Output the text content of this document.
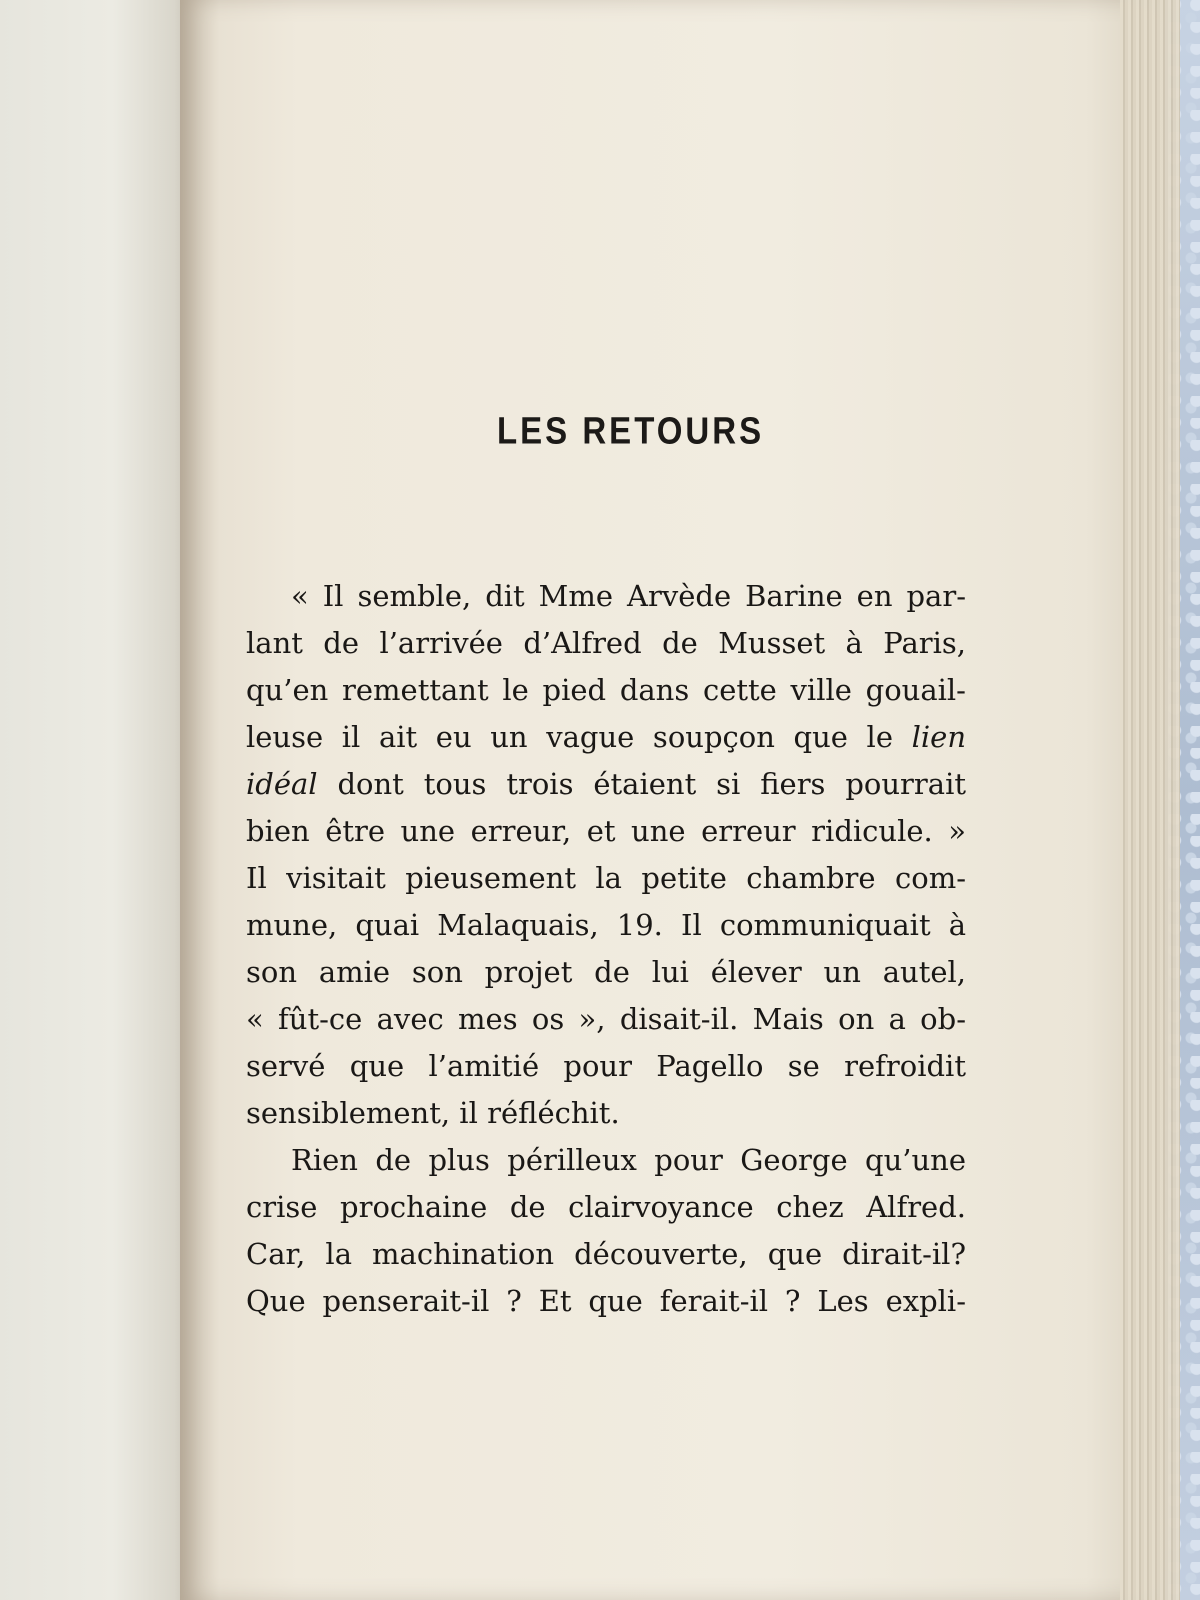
LES RETOURS
« Il semble, dit Mme Arvède Barine en par-
lant de l’arrivée d’Alfred de Musset à Paris,
qu’en remettant le pied dans cette ville gouail-
leuse il ait eu un vague soupçon que le lien
idéal dont tous trois étaient si fiers pourrait
bien être une erreur, et une erreur ridicule. »
Il visitait pieusement la petite chambre com-
mune, quai Malaquais, 19. Il communiquait à
son amie son projet de lui élever un autel,
« fût-ce avec mes os », disait-il. Mais on a ob-
servé que l’amitié pour Pagello se refroidit
sensiblement, il réfléchit.
Rien de plus périlleux pour George qu’une
crise prochaine de clairvoyance chez Alfred.
Car, la machination découverte, que dirait-il?
Que penserait-il ? Et que ferait-il ? Les expli-
